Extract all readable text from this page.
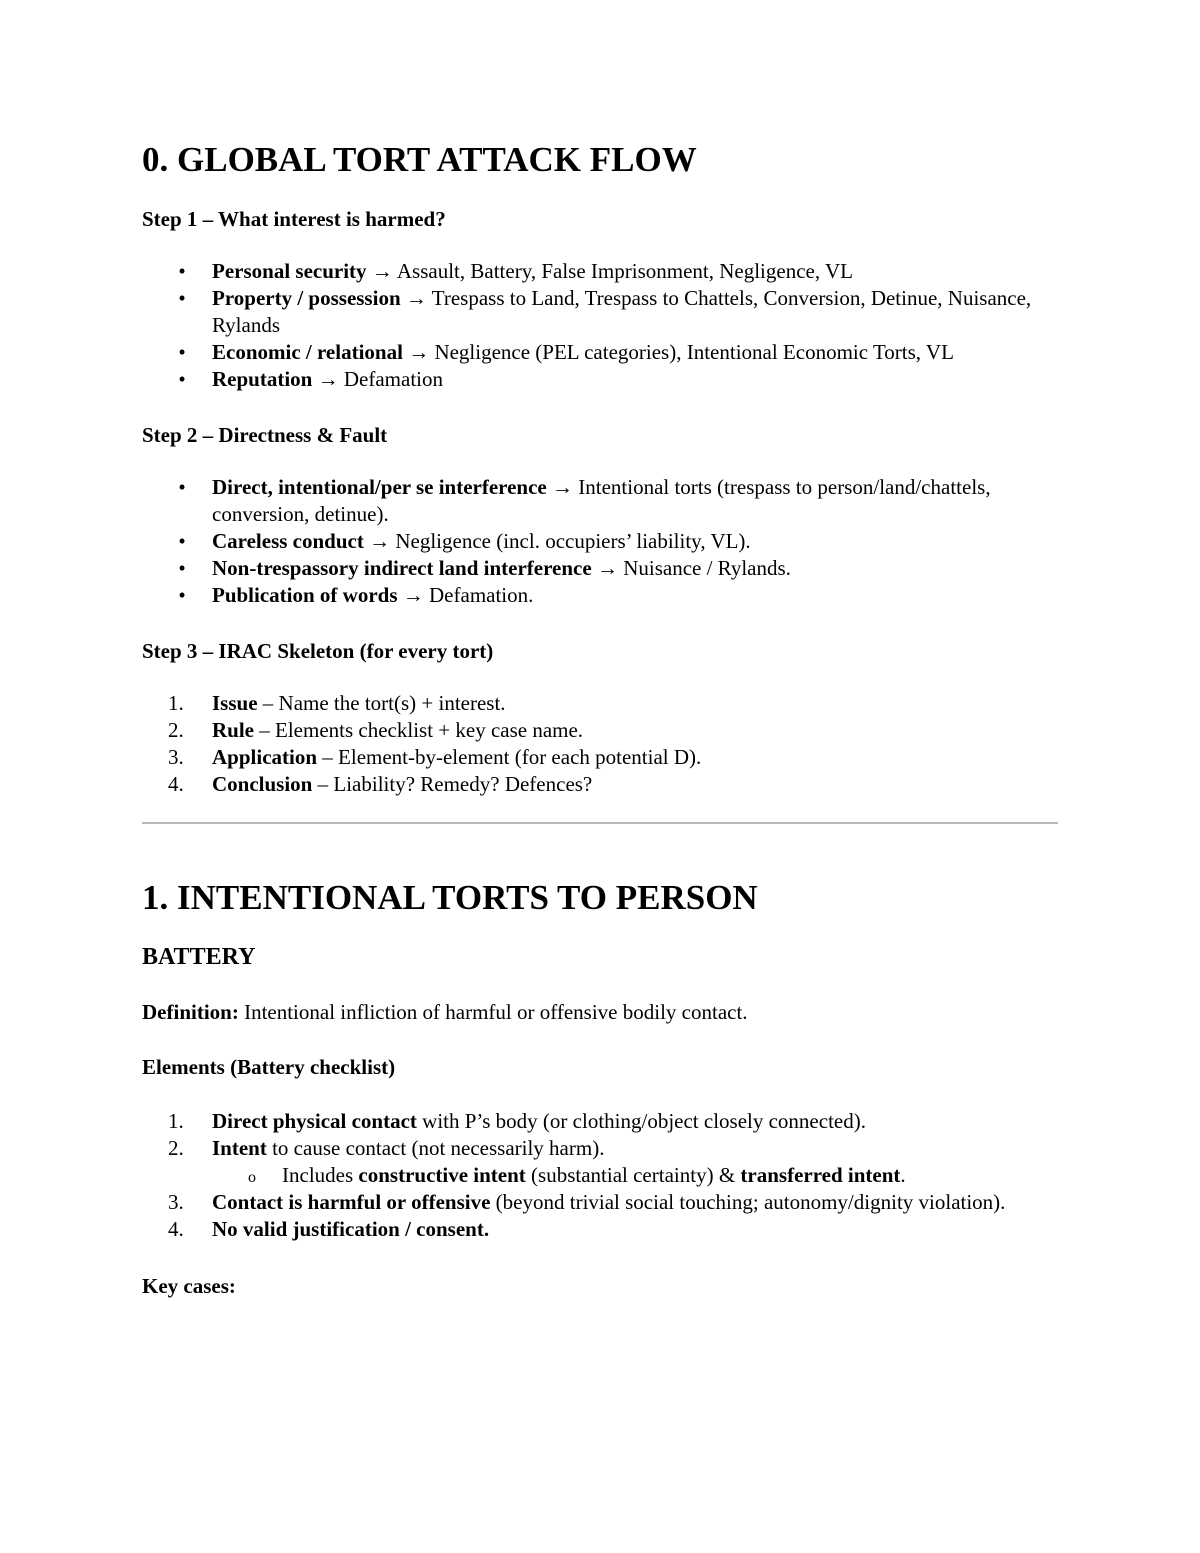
0. GLOBAL TORT ATTACK FLOW

Step 1 – What interest is harmed?

•	Personal security → Assault, Battery, False Imprisonment, Negligence, VL
•	Property / possession → Trespass to Land, Trespass to Chattels, Conversion, Detinue, Nuisance, Rylands
•	Economic / relational → Negligence (PEL categories), Intentional Economic Torts, VL
•	Reputation → Defamation

Step 2 – Directness & Fault

•	Direct, intentional/per se interference → Intentional torts (trespass to person/land/chattels, conversion, detinue).
•	Careless conduct → Negligence (incl. occupiers’ liability, VL).
•	Non-trespassory indirect land interference → Nuisance / Rylands.
•	Publication of words → Defamation.

Step 3 – IRAC Skeleton (for every tort)

1.	Issue – Name the tort(s) + interest.
2.	Rule – Elements checklist + key case name.
3.	Application – Element-by-element (for each potential D).
4.	Conclusion – Liability? Remedy? Defences?
1. INTENTIONAL TORTS TO PERSON
BATTERY

Definition: Intentional infliction of harmful or offensive bodily contact.

Elements (Battery checklist)

1.	Direct physical contact with P’s body (or clothing/object closely connected).
2.	Intent to cause contact (not necessarily harm).
o Includes constructive intent (substantial certainty) & transferred intent.
3.	Contact is harmful or offensive (beyond trivial social touching; autonomy/dignity violation).
4.	No valid justification / consent.

Key cases:
